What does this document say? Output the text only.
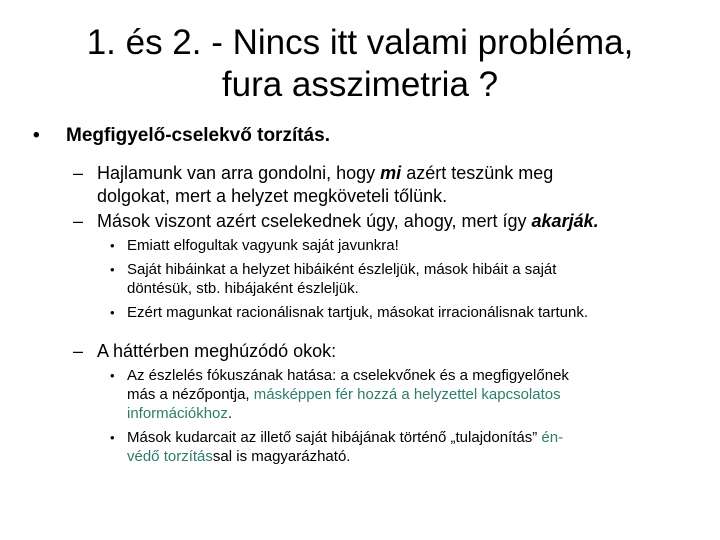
1. és 2. - Nincs itt valami probléma,
fura asszimetria ?
• Megfigyelő-cselekvő torzítás.
– Hajlamunk van arra gondolni, hogy mi azért teszünk meg
dolgokat, mert a helyzet megköveteli tőlünk.
– Mások viszont azért cselekednek úgy, ahogy, mert így akarják.
• Emiatt elfogultak vagyunk saját javunkra!
• Saját hibáinkat a helyzet hibáiként észleljük, mások hibáit a saját
döntésük, stb. hibájaként észleljük.
• Ezért magunkat racionálisnak tartjuk, másokat irracionálisnak tartunk.
– A háttérben meghúzódó okok:
• Az észlelés fókuszának hatása: a cselekvőnek és a megfigyelőnek
más a nézőpontja, másképpen fér hozzá a helyzettel kapcsolatos
információkhoz.
• Mások kudarcait az illető saját hibájának történő „tulajdonítás” én-
védő torzítással is magyarázható.
